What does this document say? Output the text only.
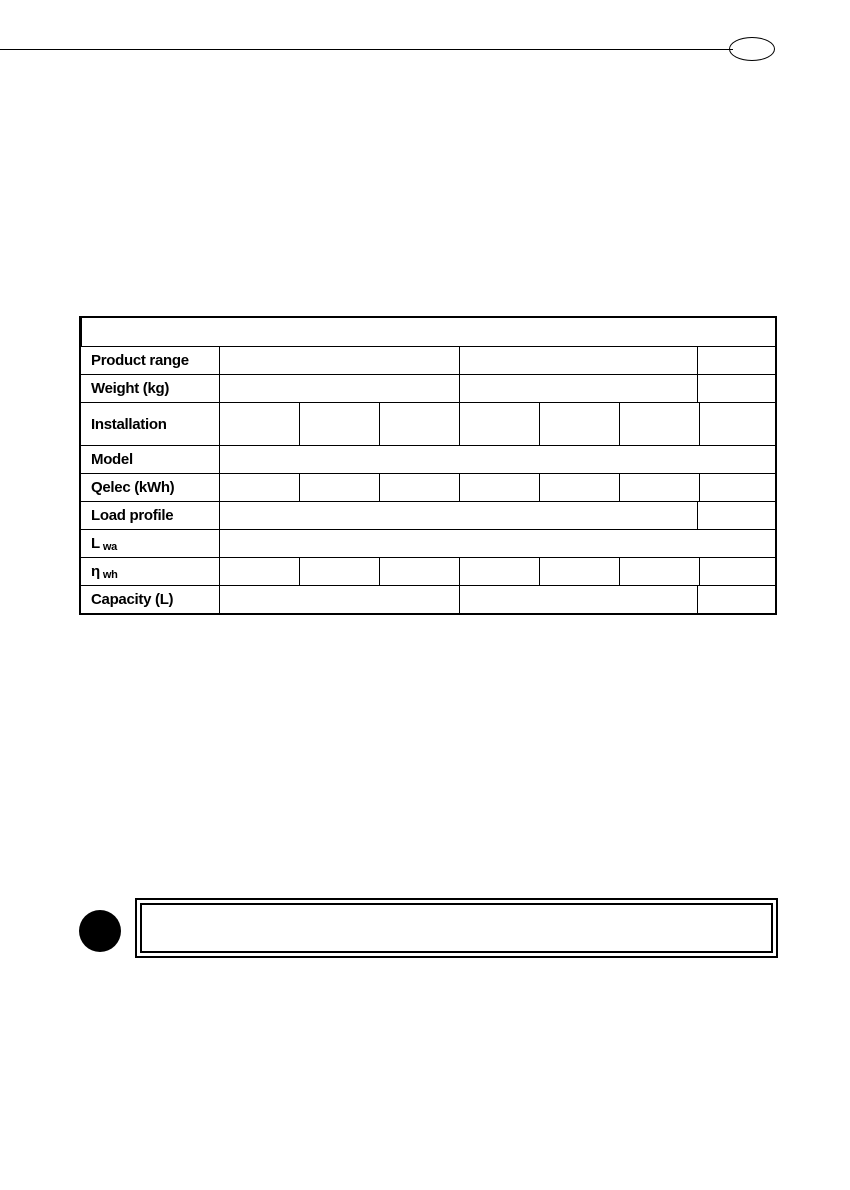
Product range
Weight (kg)
Installation
Model
Qelec (kWh)
Load profile
L $_{wa}$
η $_{wh}$
Capacity (L)
